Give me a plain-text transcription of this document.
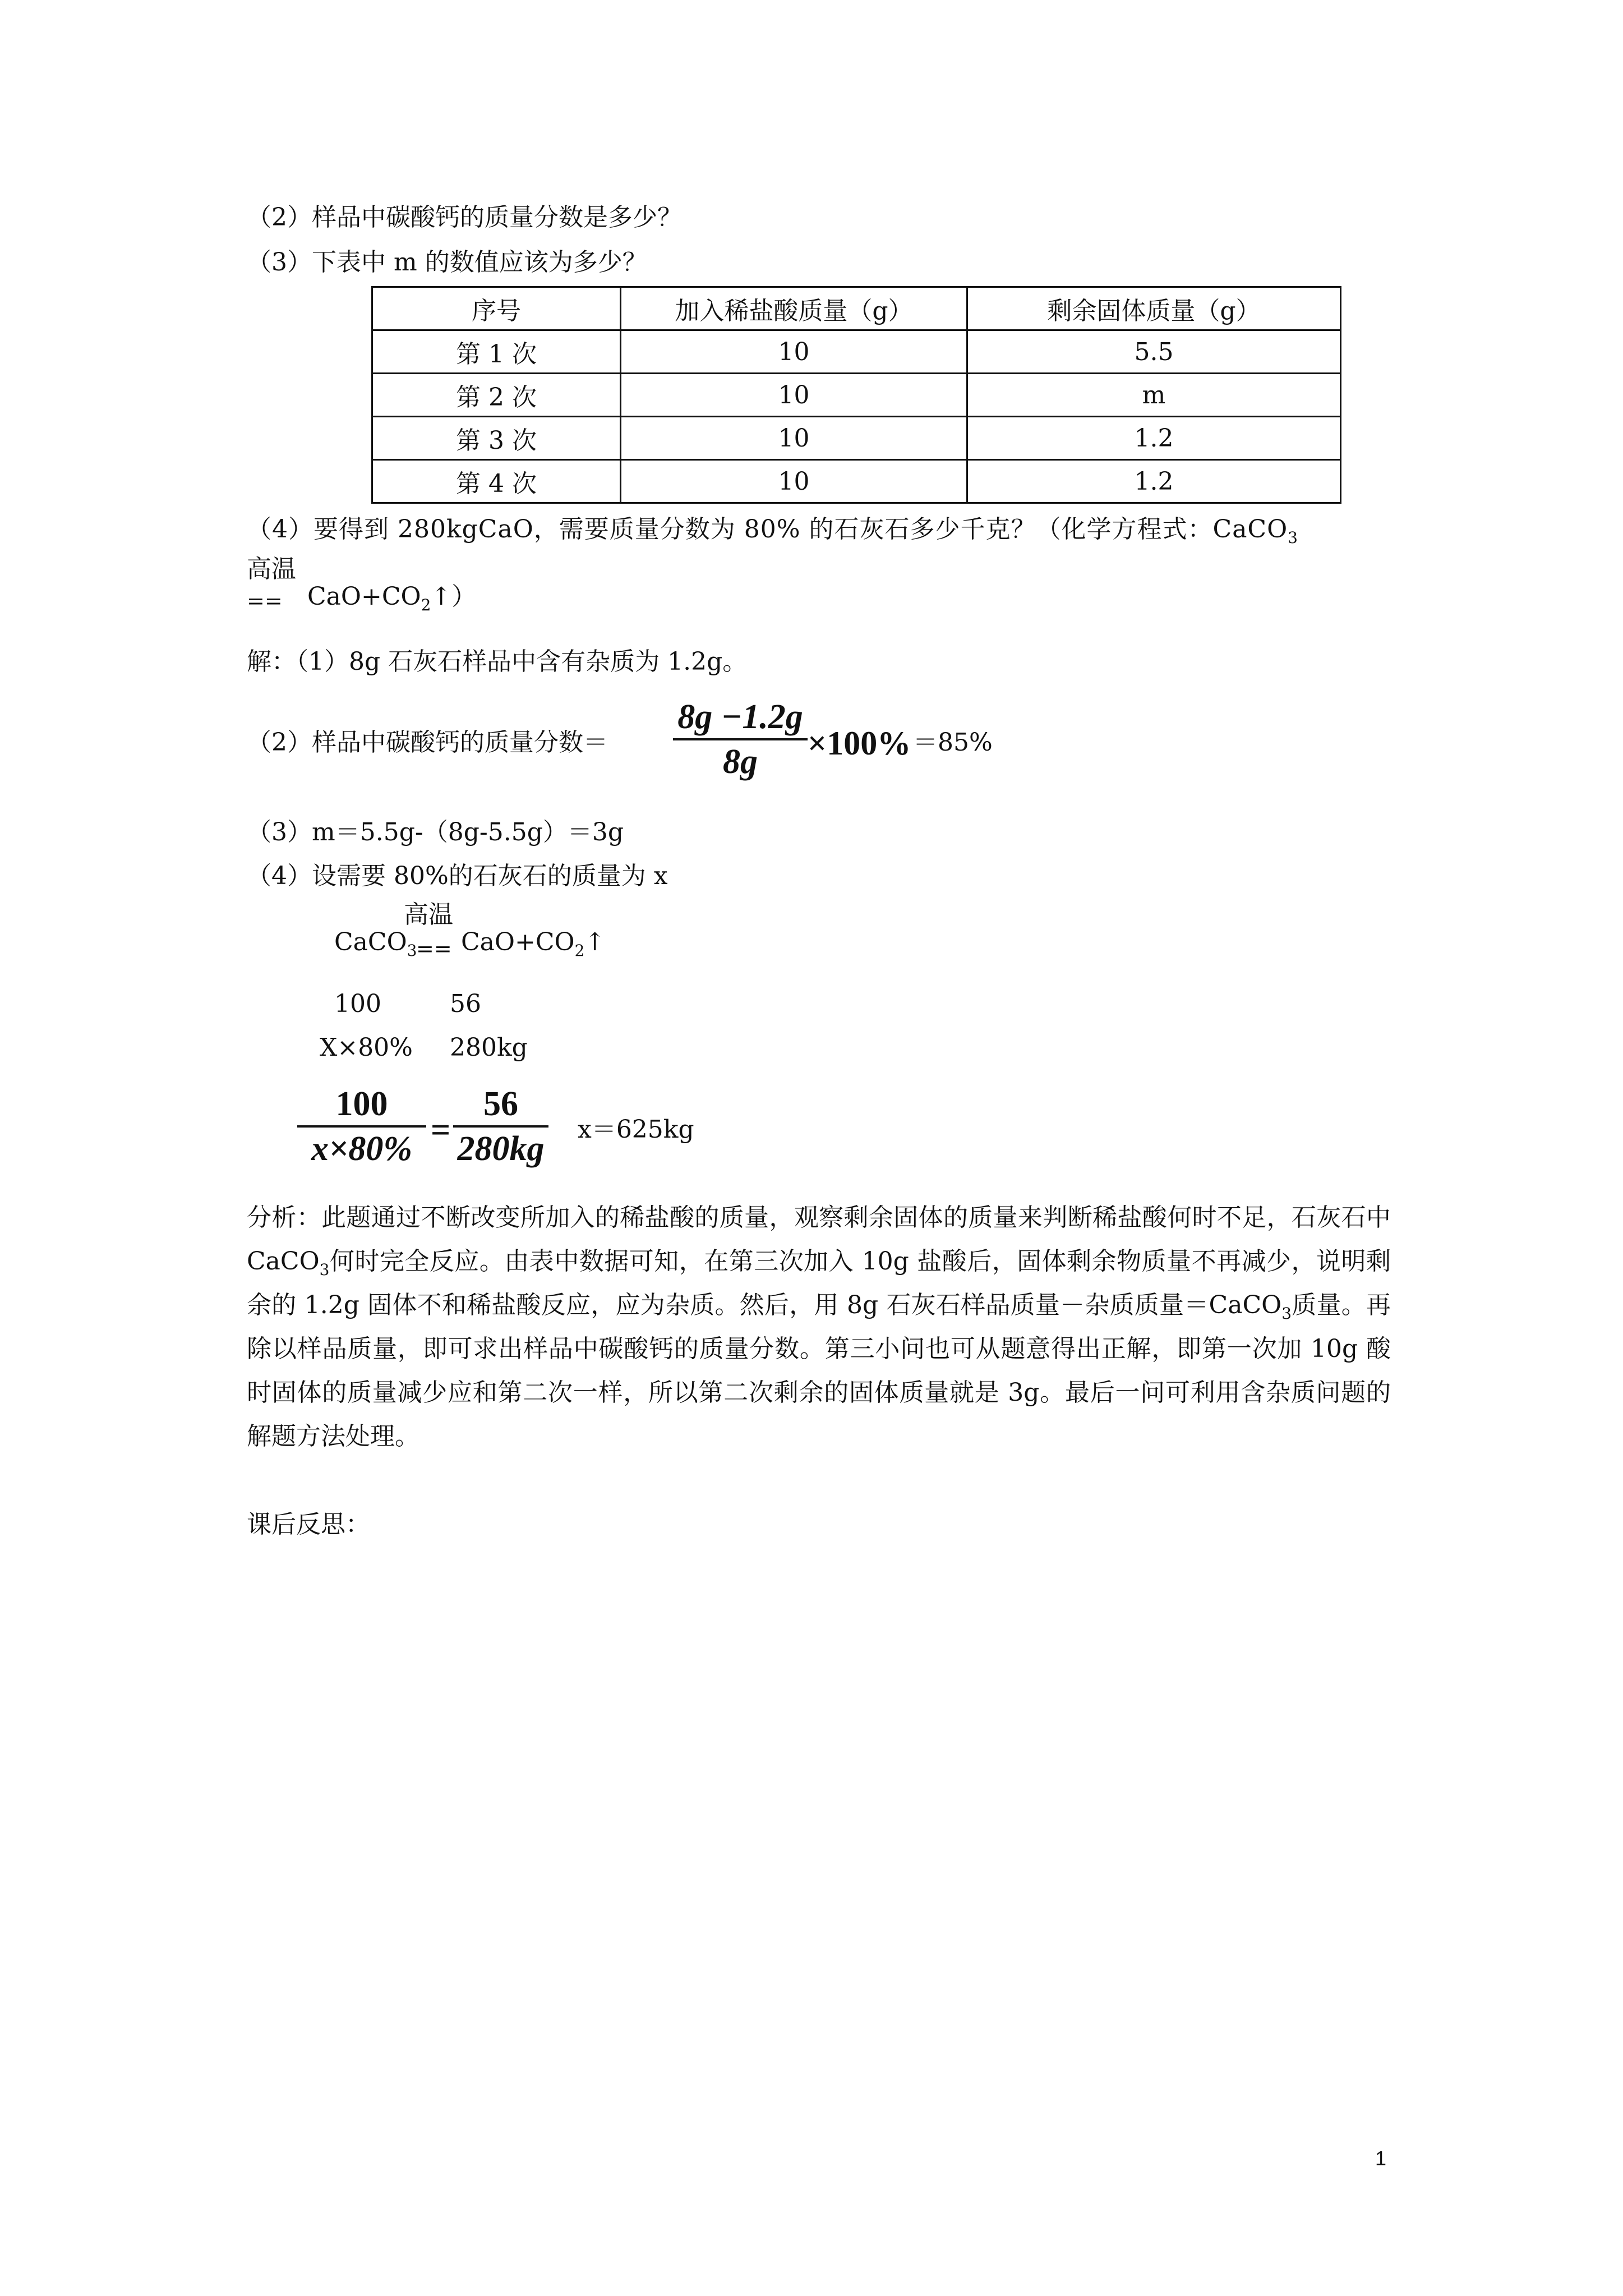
（2）样品中碳酸钙的质量分数是多少？
（3）下表中 m 的数值应该为多少？
序号	加入稀盐酸质量（g）	剩余固体质量（g）
第 1 次	10	5.5
第 2 次	10	m
第 3 次	10	1.2
第 4 次	10	1.2
（4）要得到 280kgCaO，需要质量分数为 80% 的石灰石多少千克？（化学方程式：CaCO$_3$
高温
== $CaO+CO_2↑$）
解：（1）8g 石灰石样品中含有杂质为 1.2g。
（2）样品中碳酸钙的质量分数＝
8g −1.2g
8g	×100% ＝85%
（3）m＝5.5g-（8g-5.5g）＝3g
（4）设需要 80%的石灰石的质量为 x
CaCO$_3$
高温
== $CaO+CO_2↑$
100	56
X×80% 280kg
100
x×80% =
56
280kg
x＝625kg
分析：此题通过不断改变所加入的稀盐酸的质量，观察剩余固体的质量来判断稀盐酸何时不足，石灰石中 CaCO$_3$何时完全反应。由表中数据可知，在第三次加入 10g 盐酸后，固体剩余物质量不再减少，说明剩余的 1.2g 固体不和稀盐酸反应，应为杂质。然后，用 8g 石灰石样品质量－杂质质量＝CaCO$_3$质量。再除以样品质量，即可求出样品中碳酸钙的质量分数。第三小问也可从题意得出正解，即第一次加 10g 酸时固体的质量减少应和第二次一样，所以第二次剩余的固体质量就是 3g。最后一问可利用含杂质问题的解题方法处理。
课后反思：
1
